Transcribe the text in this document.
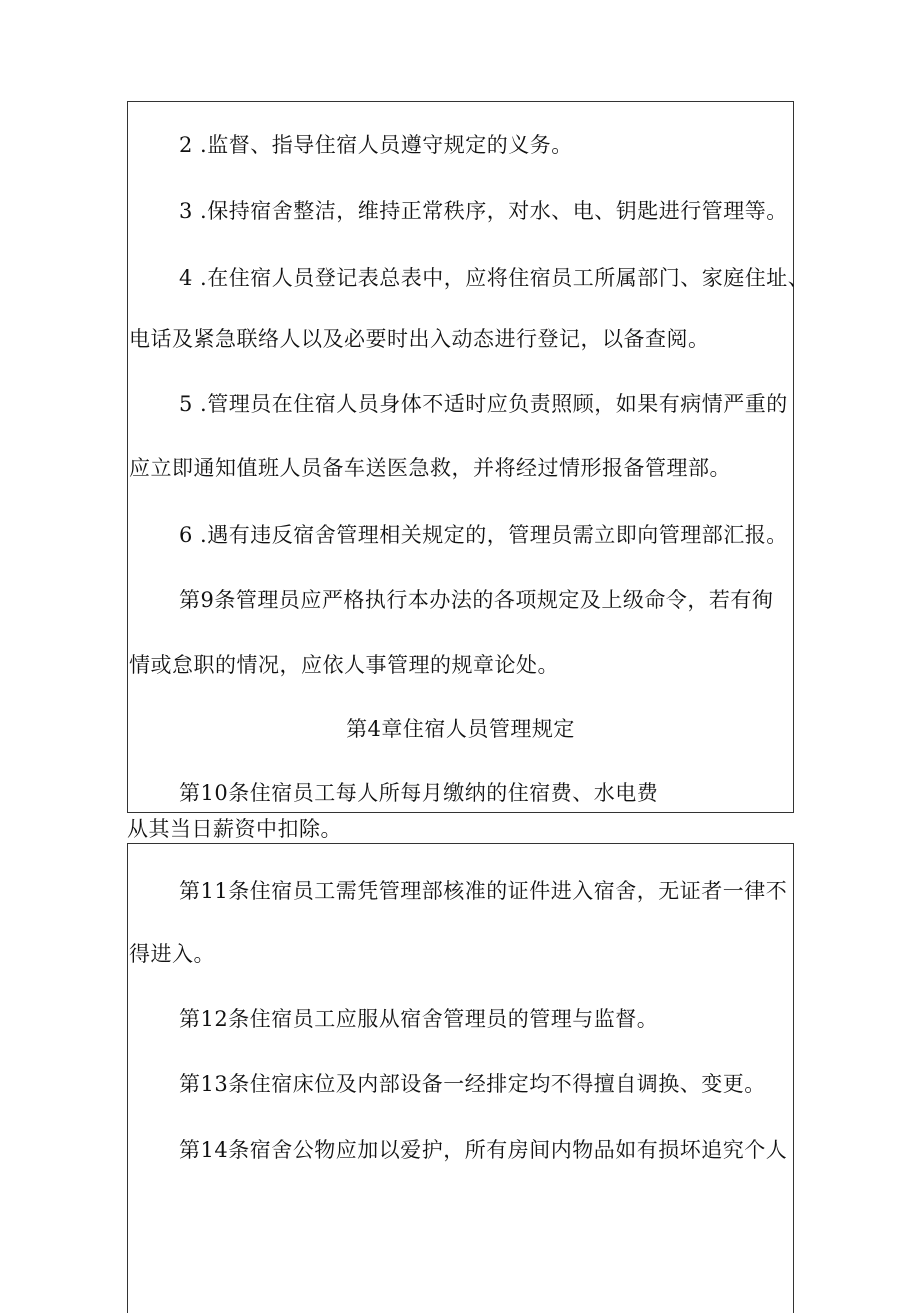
2 .监督、指导住宿人员遵守规定的义务。
3 .保持宿舍整洁，维持正常秩序，对水、电、钥匙进行管理等。
4 .在住宿人员登记表总表中，应将住宿员工所属部门、家庭住址、
电话及紧急联络人以及必要时出入动态进行登记，以备查阅。
5 .管理员在住宿人员身体不适时应负责照顾，如果有病情严重的
应立即通知值班人员备车送医急救，并将经过情形报备管理部。
6 .遇有违反宿舍管理相关规定的，管理员需立即向管理部汇报。
第9条管理员应严格执行本办法的各项规定及上级命令，若有徇
情或怠职的情况，应依人事管理的规章论处。
第4章住宿人员管理规定
第10条住宿员工每人所每月缴纳的住宿费、水电费
从其当日薪资中扣除。
第11条住宿员工需凭管理部核准的证件进入宿舍，无证者一律不
得进入。
第12条住宿员工应服从宿舍管理员的管理与监督。
第13条住宿床位及内部设备一经排定均不得擅自调换、变更。
第14条宿舍公物应加以爱护，所有房间内物品如有损坏追究个人
